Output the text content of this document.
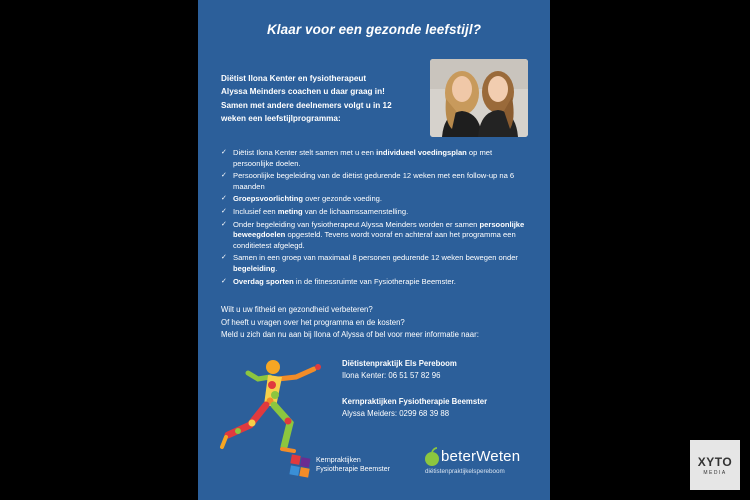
Klaar voor een gezonde leefstijl?
Diëtist Ilona Kenter en fysiotherapeut
Alyssa Meinders coachen u daar graag in!
Samen met andere deelnemers volgt u in 12
weken een leefstijlprogramma:
✓ Diëtist Ilona Kenter stelt samen met u een individueel voedingsplan op met persoonlijke doelen.
✓ Persoonlijke begeleiding van de diëtist gedurende 12 weken met een follow-up na 6 maanden
✓ Groepsvoorlichting over gezonde voeding.
✓ Inclusief een meting van de lichaamssamenstelling.
✓ Onder begeleiding van fysiotherapeut Alyssa Meinders worden er samen persoonlijke beweegdoelen opgesteld. Tevens wordt vooraf en achteraf aan het programma een conditietest afgelegd.
✓ Samen in een groep van maximaal 8 personen gedurende 12 weken bewegen onder begeleiding.
✓ Overdag sporten in de fitnessruimte van Fysiotherapie Beemster.
Wilt u uw fitheid en gezondheid verbeteren?
Of heeft u vragen over het programma en de kosten?
Meld u zich dan nu aan bij Ilona of Alyssa of bel voor meer informatie naar:
Diëtistenpraktijk Els Pereboom
Ilona Kenter: 06 51 57 82 96
Kernpraktijken Fysiotherapie Beemster
Alyssa Meiders: 0299 68 39 88
Kernpraktijken
Fysiotherapie Beemster
beterWeten
diëtistenpraktijkelspereboom
XYTO
MEDIA
